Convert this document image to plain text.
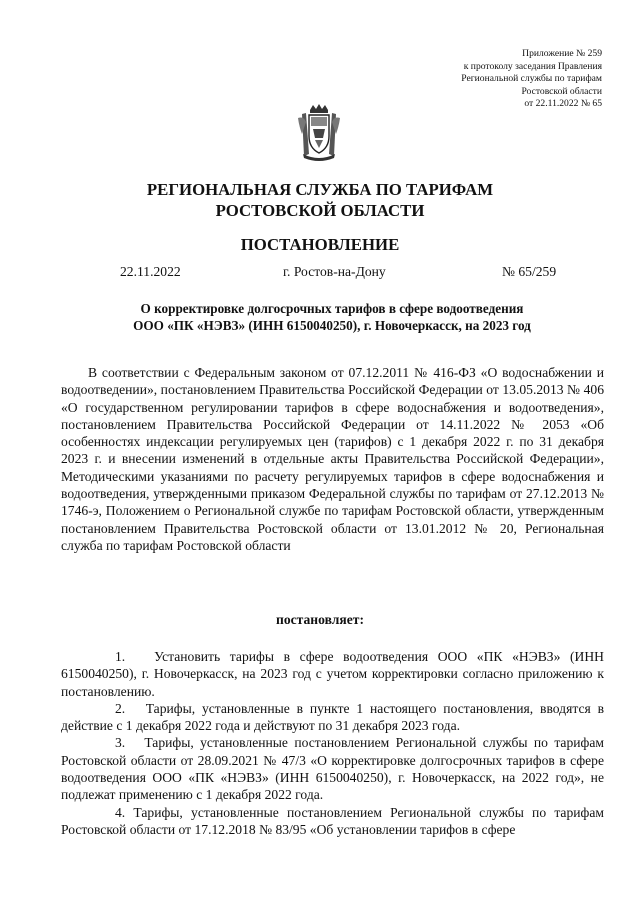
Приложение № 259
к протоколу заседания Правления
Региональной службы по тарифам
Ростовской области
от 22.11.2022 № 65
РЕГИОНАЛЬНАЯ СЛУЖБА ПО ТАРИФАМ
РОСТОВСКОЙ ОБЛАСТИ
ПОСТАНОВЛЕНИЕ
22.11.2022	г. Ростов-на-Дону	№ 65/259
О корректировке долгосрочных тарифов в сфере водоотведения
ООО «ПК «НЭВЗ» (ИНН 6150040250), г. Новочеркасск, на 2023 год

В соответствии с Федеральным законом от 07.12.2011 № 416-ФЗ «О водоснабжении и водоотведении», постановлением Правительства Российской Федерации от 13.05.2013 № 406 «О государственном регулировании тарифов в сфере водоснабжения и водоотведения», постановлением Правительства Российской Федерации от 14.11.2022 № 2053 «Об особенностях индексации регулируемых цен (тарифов) с 1 декабря 2022 г. по 31 декабря 2023 г. и внесении изменений в отдельные акты Правительства Российской Федерации», Методическими указаниями по расчету регулируемых тарифов в сфере водоснабжения и водоотведения, утвержденными приказом Федеральной службы по тарифам от 27.12.2013 № 1746-э, Положением о Региональной службе по тарифам Ростовской области, утвержденным постановлением Правительства Ростовской области от 13.01.2012 № 20, Региональная служба по тарифам Ростовской области

постановляет:

1. Установить тарифы в сфере водоотведения ООО «ПК «НЭВЗ» (ИНН 6150040250), г. Новочеркасск, на 2023 год с учетом корректировки согласно приложению к постановлению.

2. Тарифы, установленные в пункте 1 настоящего постановления, вводятся в действие с 1 декабря 2022 года и действуют по 31 декабря 2023 года.

3. Тарифы, установленные постановлением Региональной службы по тарифам Ростовской области от 28.09.2021 № 47/3 «О корректировке долгосрочных тарифов в сфере водоотведения ООО «ПК «НЭВЗ» (ИНН 6150040250), г. Новочеркасск, на 2022 год», не подлежат применению с 1 декабря 2022 года.

4. Тарифы, установленные постановлением Региональной службы по тарифам Ростовской области от 17.12.2018 № 83/95 «Об установлении тарифов в сфере
